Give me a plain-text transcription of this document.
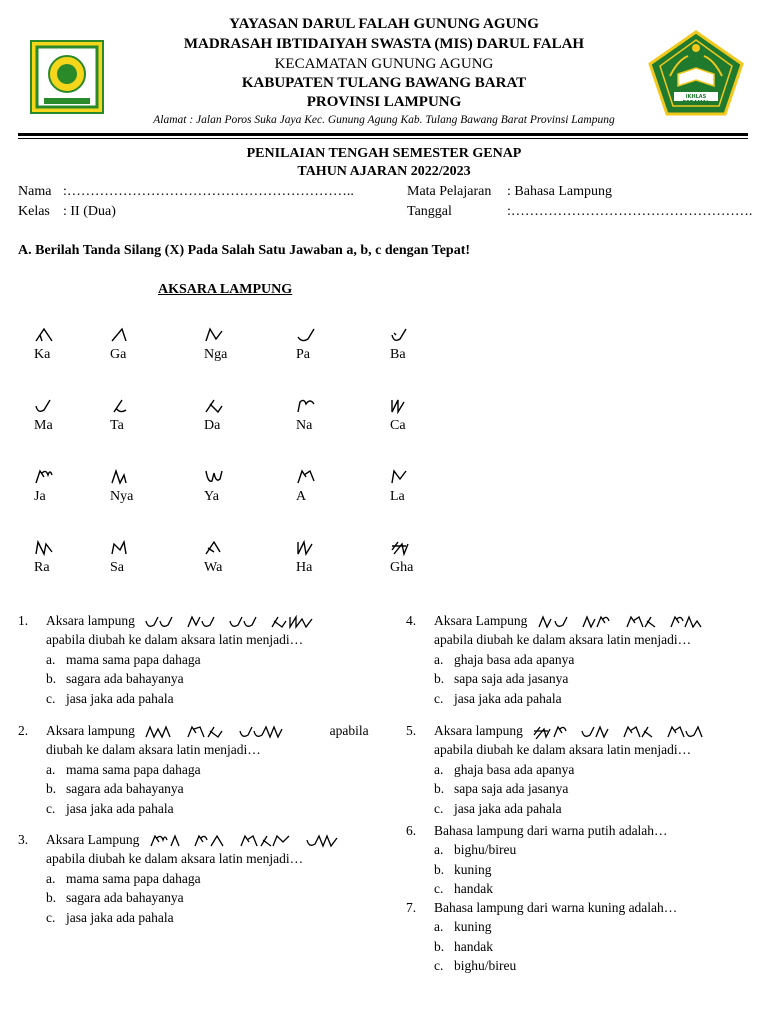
IKHLAS BERAMAL
YAYASAN DARUL FALAH GUNUNG AGUNG
MADRASAH IBTIDAIYAH SWASTA (MIS) DARUL FALAH
KECAMATAN GUNUNG AGUNG
KABUPATEN TULANG BAWANG BARAT
PROVINSI LAMPUNG
Alamat : Jalan Poros Suka Jaya Kec. Gunung Agung Kab. Tulang Bawang Barat Provinsi Lampung
PENILAIAN TENGAH SEMESTER GENAP
TAHUN AJARAN 2022/2023
Nama :……………………………………………………..
Kelas : II (Dua)
Mata Pelajaran : Bahasa Lampung
Tanggal	:…………………………………………….
A. Berilah Tanda Silang (X) Pada Salah Satu Jawaban a, b, c dengan Tepat!
AKSARA LAMPUNG
Ka	Ga	Nga	Pa	Ba
Ma	Ta	Da	Na	Ca
Ja	Nya	Ya	A	La
Ra	Sa	Wa	Ha	Gha
1. Aksara lampung
apabila diubah ke dalam aksara latin menjadi…
a. mama sama papa dahaga
b. sagara ada bahayanya
c. jasa jaka ada pahala
2. Aksara lampung	apabila
diubah ke dalam aksara latin menjadi…
a. mama sama papa dahaga
b. sagara ada bahayanya
c. jasa jaka ada pahala
3. Aksara Lampung
apabila diubah ke dalam aksara latin menjadi…
a. mama sama papa dahaga
b. sagara ada bahayanya
c. jasa jaka ada pahala
4. Aksara Lampung
apabila diubah ke dalam aksara latin menjadi…
a. ghaja basa ada apanya
b. sapa saja ada jasanya
c. jasa jaka ada pahala
5. Aksara lampung
apabila diubah ke dalam aksara latin menjadi…
a. ghaja basa ada apanya
b. sapa saja ada jasanya
c. jasa jaka ada pahala
6. Bahasa lampung dari warna putih adalah…
a. bighu/bireu
b. kuning
c. handak
7. Bahasa lampung dari warna kuning adalah…
a. kuning
b. handak
c. bighu/bireu
